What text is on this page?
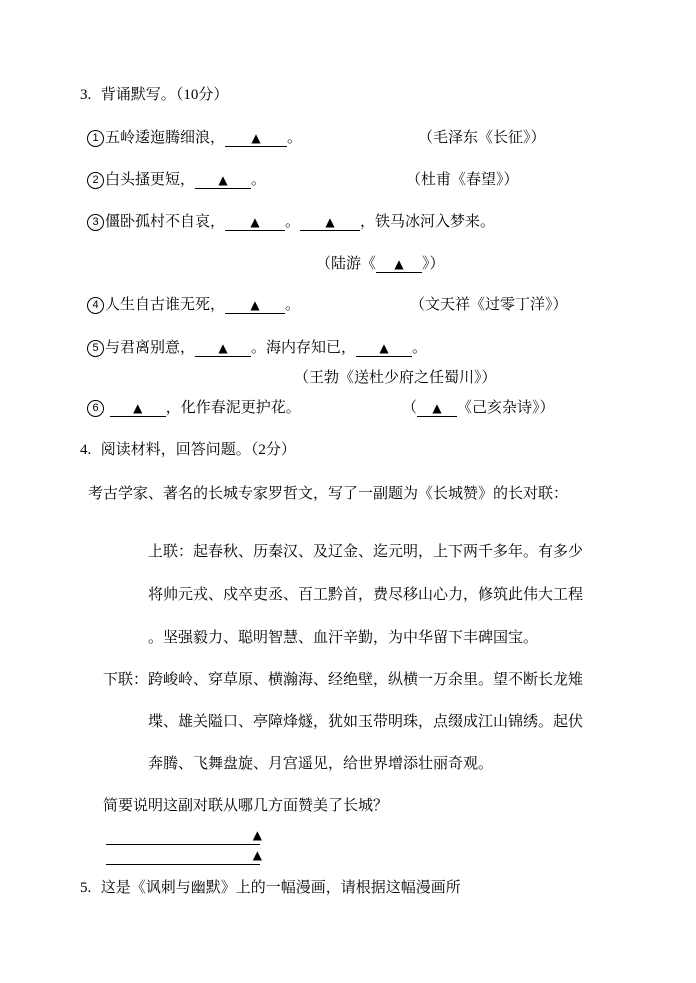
3. 背诵默写。（10分）
1 五岭逶迤腾细浪， ▲ 。	（毛泽东《长征》）
2 白头搔更短， ▲ 。	（杜甫《春望》）
3 僵卧孤村不自哀， ▲ 。 ▲ ，铁马冰河入梦来。
（陆游《 ▲ 》）
4 人生自古谁无死， ▲ 。	（文天祥《过零丁洋》）
5 与君离别意， ▲ 。海内存知已， ▲ 。
（王勃《送杜少府之任蜀川》）
6	▲ ，化作春泥更护花。	（ ▲ 《己亥杂诗》）
4. 阅读材料，回答问题。（2分）
考古学家、著名的长城专家罗哲文，写了一副题为《长城赞》的长对联：
上联：起春秋、历秦汉、及辽金、迄元明，上下两千多年。有多少
将帅元戎、戍卒吏丞、百工黔首，费尽移山心力，修筑此伟大工程
。坚强毅力、聪明智慧、血汗辛勤，为中华留下丰碑国宝。
下联：跨峻岭、穿草原、横瀚海、经绝壁，纵横一万余里。望不断长龙雉
堞、雄关隘口、亭障烽燧，犹如玉带明珠，点缀成江山锦绣。起伏
奔腾、飞舞盘旋、月宫遥见，给世界增添壮丽奇观。
简要说明这副对联从哪几方面赞美了长城？
▲
▲
5. 这是《讽刺与幽默》上的一幅漫画，请根据这幅漫画所
